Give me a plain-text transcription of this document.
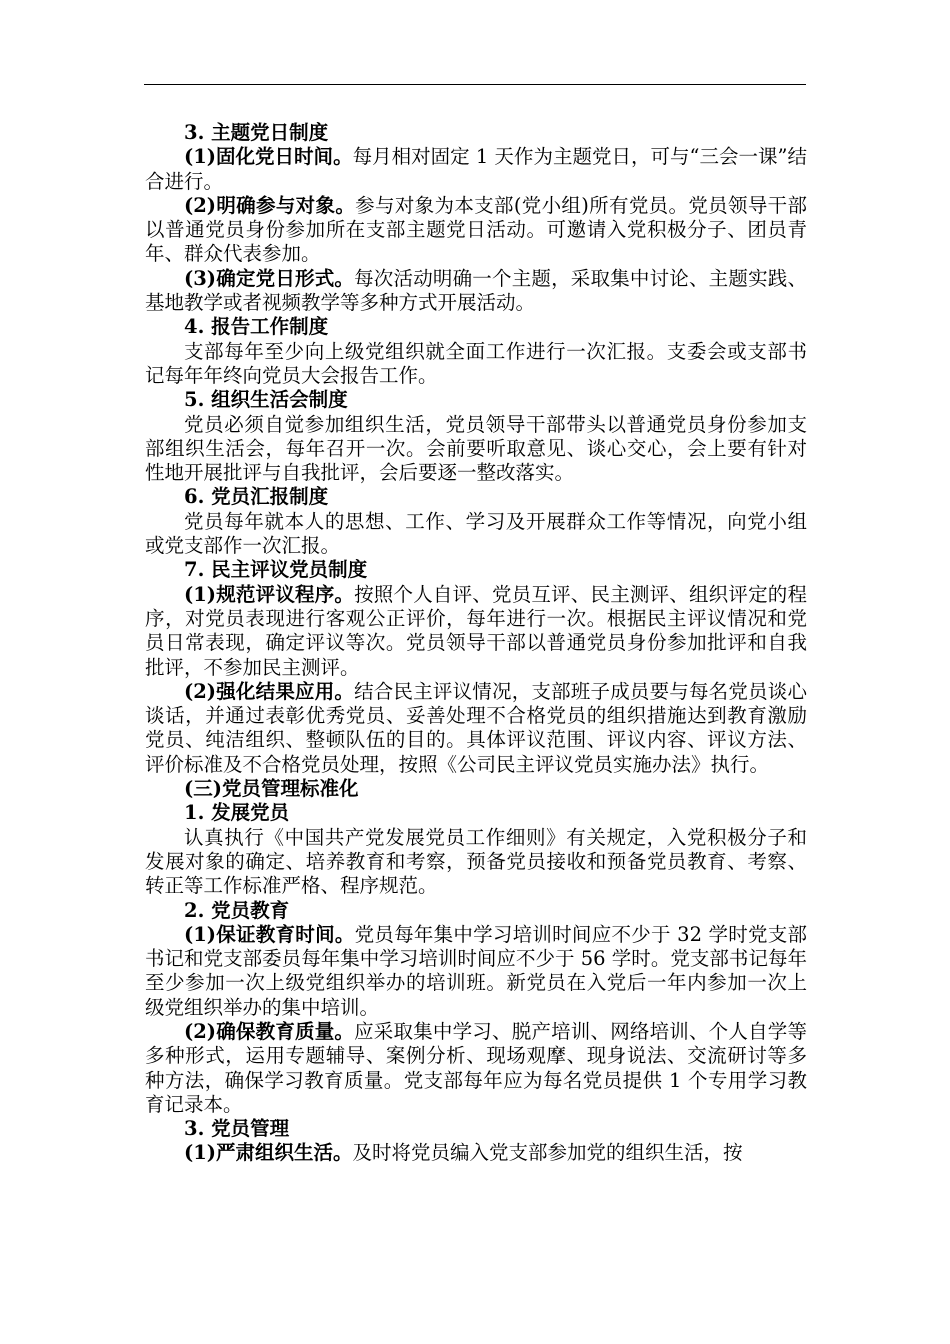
3. 主题党日制度

(1)固化党日时间。每月相对固定 1 天作为主题党日，可与“三会一课”结合进行。

(2)明确参与对象。参与对象为本支部(党小组)所有党员。党员领导干部以普通党员身份参加所在支部主题党日活动。可邀请入党积极分子、团员青年、群众代表参加。

(3)确定党日形式。每次活动明确一个主题，采取集中讨论、主题实践、基地教学或者视频教学等多种方式开展活动。

4. 报告工作制度

支部每年至少向上级党组织就全面工作进行一次汇报。支委会或支部书记每年年终向党员大会报告工作。

5. 组织生活会制度

党员必须自觉参加组织生活，党员领导干部带头以普通党员身份参加支部组织生活会，每年召开一次。会前要听取意见、谈心交心，会上要有针对性地开展批评与自我批评，会后要逐一整改落实。

6. 党员汇报制度

党员每年就本人的思想、工作、学习及开展群众工作等情况，向党小组或党支部作一次汇报。

7. 民主评议党员制度

(1)规范评议程序。按照个人自评、党员互评、民主测评、组织评定的程序，对党员表现进行客观公正评价，每年进行一次。根据民主评议情况和党员日常表现，确定评议等次。党员领导干部以普通党员身份参加批评和自我批评，不参加民主测评。

(2)强化结果应用。结合民主评议情况，支部班子成员要与每名党员谈心谈话，并通过表彰优秀党员、妥善处理不合格党员的组织措施达到教育激励党员、纯洁组织、整顿队伍的目的。具体评议范围、评议内容、评议方法、评价标准及不合格党员处理，按照《公司民主评议党员实施办法》执行。

(三)党员管理标准化

1. 发展党员

认真执行《中国共产党发展党员工作细则》有关规定，入党积极分子和发展对象的确定、培养教育和考察，预备党员接收和预备党员教育、考察、转正等工作标准严格、程序规范。

2. 党员教育

(1)保证教育时间。党员每年集中学习培训时间应不少于 32 学时党支部书记和党支部委员每年集中学习培训时间应不少于 56 学时。党支部书记每年至少参加一次上级党组织举办的培训班。新党员在入党后一年内参加一次上级党组织举办的集中培训。

(2)确保教育质量。应采取集中学习、脱产培训、网络培训、个人自学等多种形式，运用专题辅导、案例分析、现场观摩、现身说法、交流研讨等多种方法，确保学习教育质量。党支部每年应为每名党员提供 1 个专用学习教育记录本。

3. 党员管理

(1)严肃组织生活。及时将党员编入党支部参加党的组织生活，按
